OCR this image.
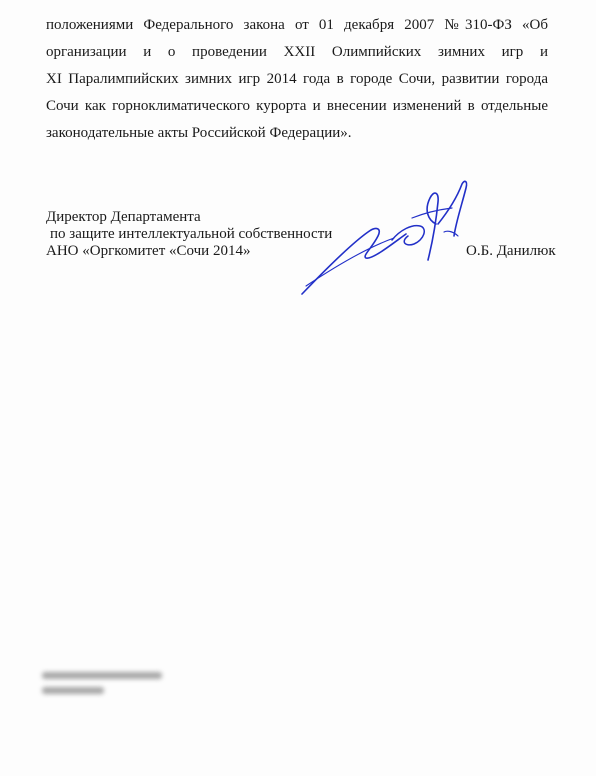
положениями Федерального закона от 01 декабря 2007 №310-ФЗ «Об
организации и о проведении XXII Олимпийских зимних игр и
XI Паралимпийских зимних игр 2014 года в городе Сочи, развитии города
Сочи как горноклиматического курорта и внесении изменений в отдельные
законодательные акты Российской Федерации».
Директор Департамента
по защите интеллектуальной собственности
АНО «Оргкомитет «Сочи 2014»	О.Б. Данилюк
